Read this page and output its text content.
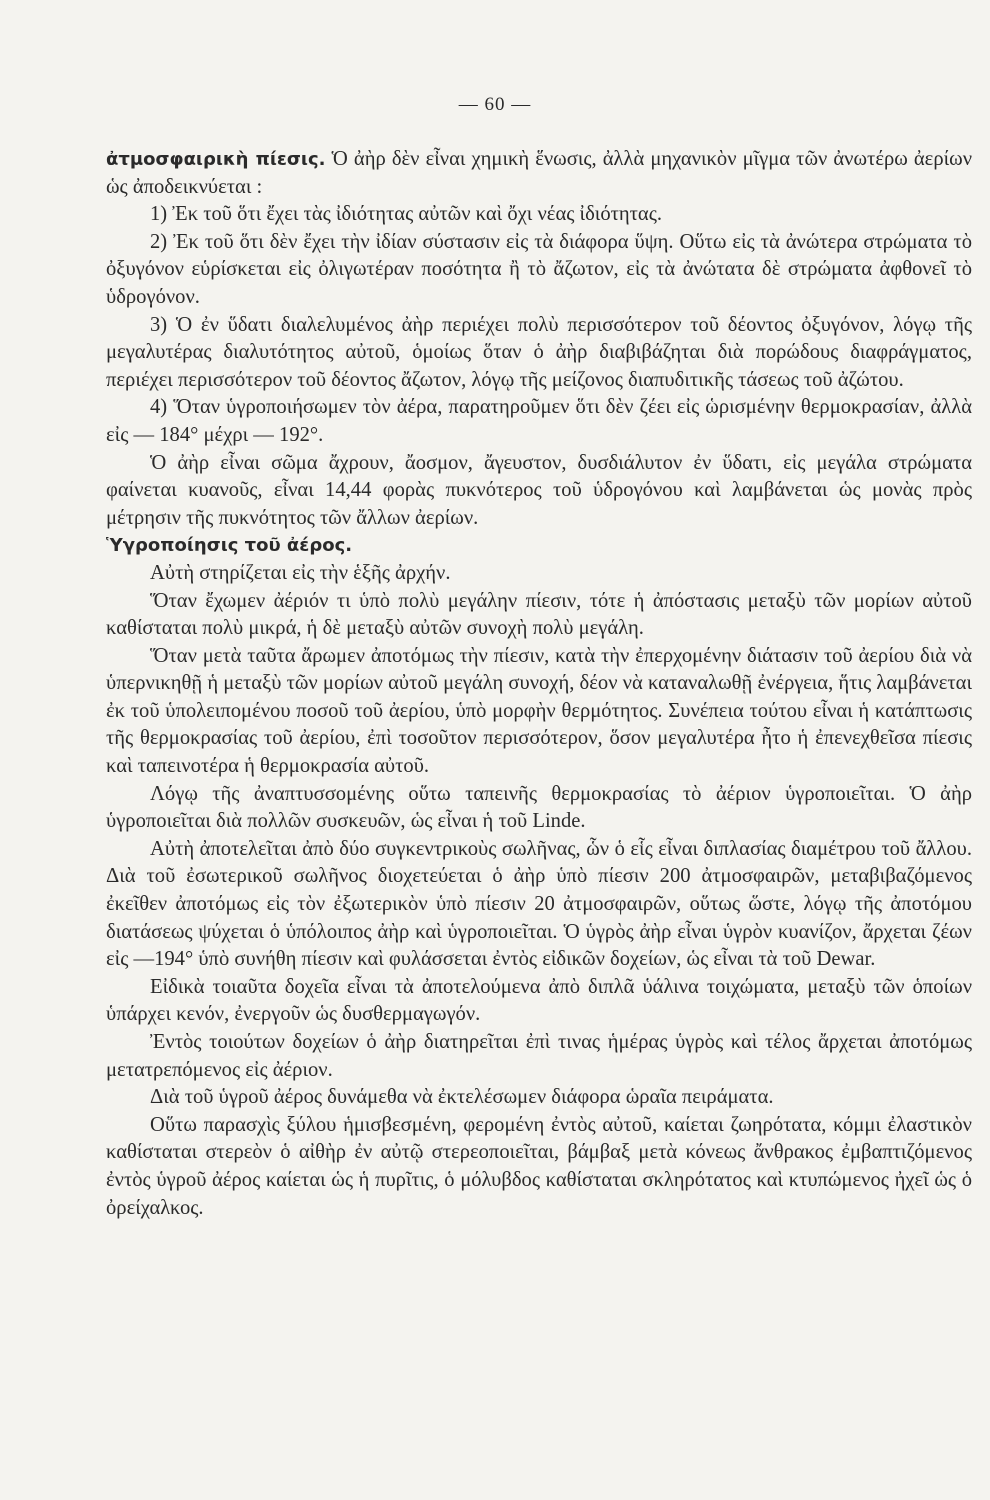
— 60 —

ἀτμοσφαιρικὴ πίεσις. Ὁ ἀὴρ δὲν εἶναι χημικὴ ἕνωσις, ἀλλὰ μηχανικὸν μῖγμα τῶν ἀνωτέρω ἀερίων ὡς ἀποδεικνύεται :

1) Ἐκ τοῦ ὅτι ἔχει τὰς ἰδιότητας αὐτῶν καὶ ὄχι νέας ἰδιότητας.

2) Ἐκ τοῦ ὅτι δὲν ἔχει τὴν ἰδίαν σύστασιν εἰς τὰ διάφορα ὕψη. Οὕτω εἰς τὰ ἀνώτερα στρώματα τὸ ὀξυγόνον εὑρίσκεται εἰς ὀλιγωτέραν ποσότητα ἢ τὸ ἄζωτον, εἰς τὰ ἀνώτατα δὲ στρώματα ἀφθονεῖ τὸ ὑδρογόνον.

3) Ὁ ἐν ὕδατι διαλελυμένος ἀὴρ περιέχει πολὺ περισσότερον τοῦ δέοντος ὀξυγόνον, λόγῳ τῆς μεγαλυτέρας διαλυτότητος αὐτοῦ, ὁμοίως ὅταν ὁ ἀὴρ διαβιβάζηται διὰ πορώδους διαφράγματος, περιέχει περισσότερον τοῦ δέοντος ἄζωτον, λόγῳ τῆς μείζονος διαπυδιτικῆς τάσεως τοῦ ἀζώτου.

4) Ὅταν ὑγροποιήσωμεν τὸν ἀέρα, παρατηροῦμεν ὅτι δὲν ζέει εἰς ὡρισμένην θερμοκρασίαν, ἀλλὰ εἰς — 184° μέχρι — 192°.

Ὁ ἀὴρ εἶναι σῶμα ἄχρουν, ἄοσμον, ἄγευστον, δυσδιάλυτον ἐν ὕδατι, εἰς μεγάλα στρώματα φαίνεται κυανοῦς, εἶναι 14,44 φορὰς πυκνότερος τοῦ ὑδρογόνου καὶ λαμβάνεται ὡς μονὰς πρὸς μέτρησιν τῆς πυκνότητος τῶν ἄλλων ἀερίων.

Ὑγροποίησις τοῦ ἀέρος.

Αὐτὴ στηρίζεται εἰς τὴν ἑξῆς ἀρχήν.

Ὅταν ἔχωμεν ἀέριόν τι ὑπὸ πολὺ μεγάλην πίεσιν, τότε ἡ ἀπόστασις μεταξὺ τῶν μορίων αὐτοῦ καθίσταται πολὺ μικρά, ἡ δὲ μεταξὺ αὐτῶν συνοχὴ πολὺ μεγάλη.

Ὅταν μετὰ ταῦτα ἄρωμεν ἀποτόμως τὴν πίεσιν, κατὰ τὴν ἐπερχομένην διάτασιν τοῦ ἀερίου διὰ νὰ ὑπερνικηθῇ ἡ μεταξὺ τῶν μορίων αὐτοῦ μεγάλη συνοχή, δέον νὰ καταναλωθῇ ἐνέργεια, ἥτις λαμβάνεται ἐκ τοῦ ὑπολειπομένου ποσοῦ τοῦ ἀερίου, ὑπὸ μορφὴν θερμότητος. Συνέπεια τούτου εἶναι ἡ κατάπτωσις τῆς θερμοκρασίας τοῦ ἀερίου, ἐπὶ τοσοῦτον περισσότερον, ὅσον μεγαλυτέρα ἦτο ἡ ἐπενεχθεῖσα πίεσις καὶ ταπεινοτέρα ἡ θερμοκρασία αὐτοῦ.

Λόγῳ τῆς ἀναπτυσσομένης οὕτω ταπεινῆς θερμοκρασίας τὸ ἀέριον ὑγροποιεῖται. Ὁ ἀὴρ ὑγροποιεῖται διὰ πολλῶν συσκευῶν, ὡς εἶναι ἡ τοῦ Linde.

Αὐτὴ ἀποτελεῖται ἀπὸ δύο συγκεντρικοὺς σωλῆνας, ὧν ὁ εἷς εἶναι διπλασίας διαμέτρου τοῦ ἄλλου. Διὰ τοῦ ἐσωτερικοῦ σωλῆνος διοχετεύεται ὁ ἀὴρ ὑπὸ πίεσιν 200 ἀτμοσφαιρῶν, μεταβιβαζόμενος ἐκεῖθεν ἀποτόμως εἰς τὸν ἐξωτερικὸν ὑπὸ πίεσιν 20 ἀτμοσφαιρῶν, οὕτως ὥστε, λόγῳ τῆς ἀποτόμου διατάσεως ψύχεται ὁ ὑπόλοιπος ἀὴρ καὶ ὑγροποιεῖται. Ὁ ὑγρὸς ἀὴρ εἶναι ὑγρὸν κυανίζον, ἄρχεται ζέων εἰς —194° ὑπὸ συνήθη πίεσιν καὶ φυλάσσεται ἐντὸς εἰδικῶν δοχείων, ὡς εἶναι τὰ τοῦ Dewar.

Εἰδικὰ τοιαῦτα δοχεῖα εἶναι τὰ ἀποτελούμενα ἀπὸ διπλᾶ ὑάλινα τοιχώματα, μεταξὺ τῶν ὁποίων ὑπάρχει κενόν, ἐνεργοῦν ὡς δυσθερμαγωγόν.

Ἐντὸς τοιούτων δοχείων ὁ ἀὴρ διατηρεῖται ἐπὶ τινας ἡμέρας ὑγρὸς καὶ τέλος ἄρχεται ἀποτόμως μετατρεπόμενος εἰς ἀέριον.

Διὰ τοῦ ὑγροῦ ἀέρος δυνάμεθα νὰ ἐκτελέσωμεν διάφορα ὡραῖα πειράματα.

Οὕτω παρασχὶς ξύλου ἡμισβεσμένη, φερομένη ἐντὸς αὐτοῦ, καίεται ζωηρότατα, κόμμι ἐλαστικὸν καθίσταται στερεὸν ὁ αἰθὴρ ἐν αὐτῷ στερεοποιεῖται, βάμβαξ μετὰ κόνεως ἄνθρακος ἐμβαπτιζόμενος ἐντὸς ὑγροῦ ἀέρος καίεται ὡς ἡ πυρῖτις, ὁ μόλυβδος καθίσταται σκληρότατος καὶ κτυπώμενος ἠχεῖ ὡς ὁ ὀρείχαλκος.
